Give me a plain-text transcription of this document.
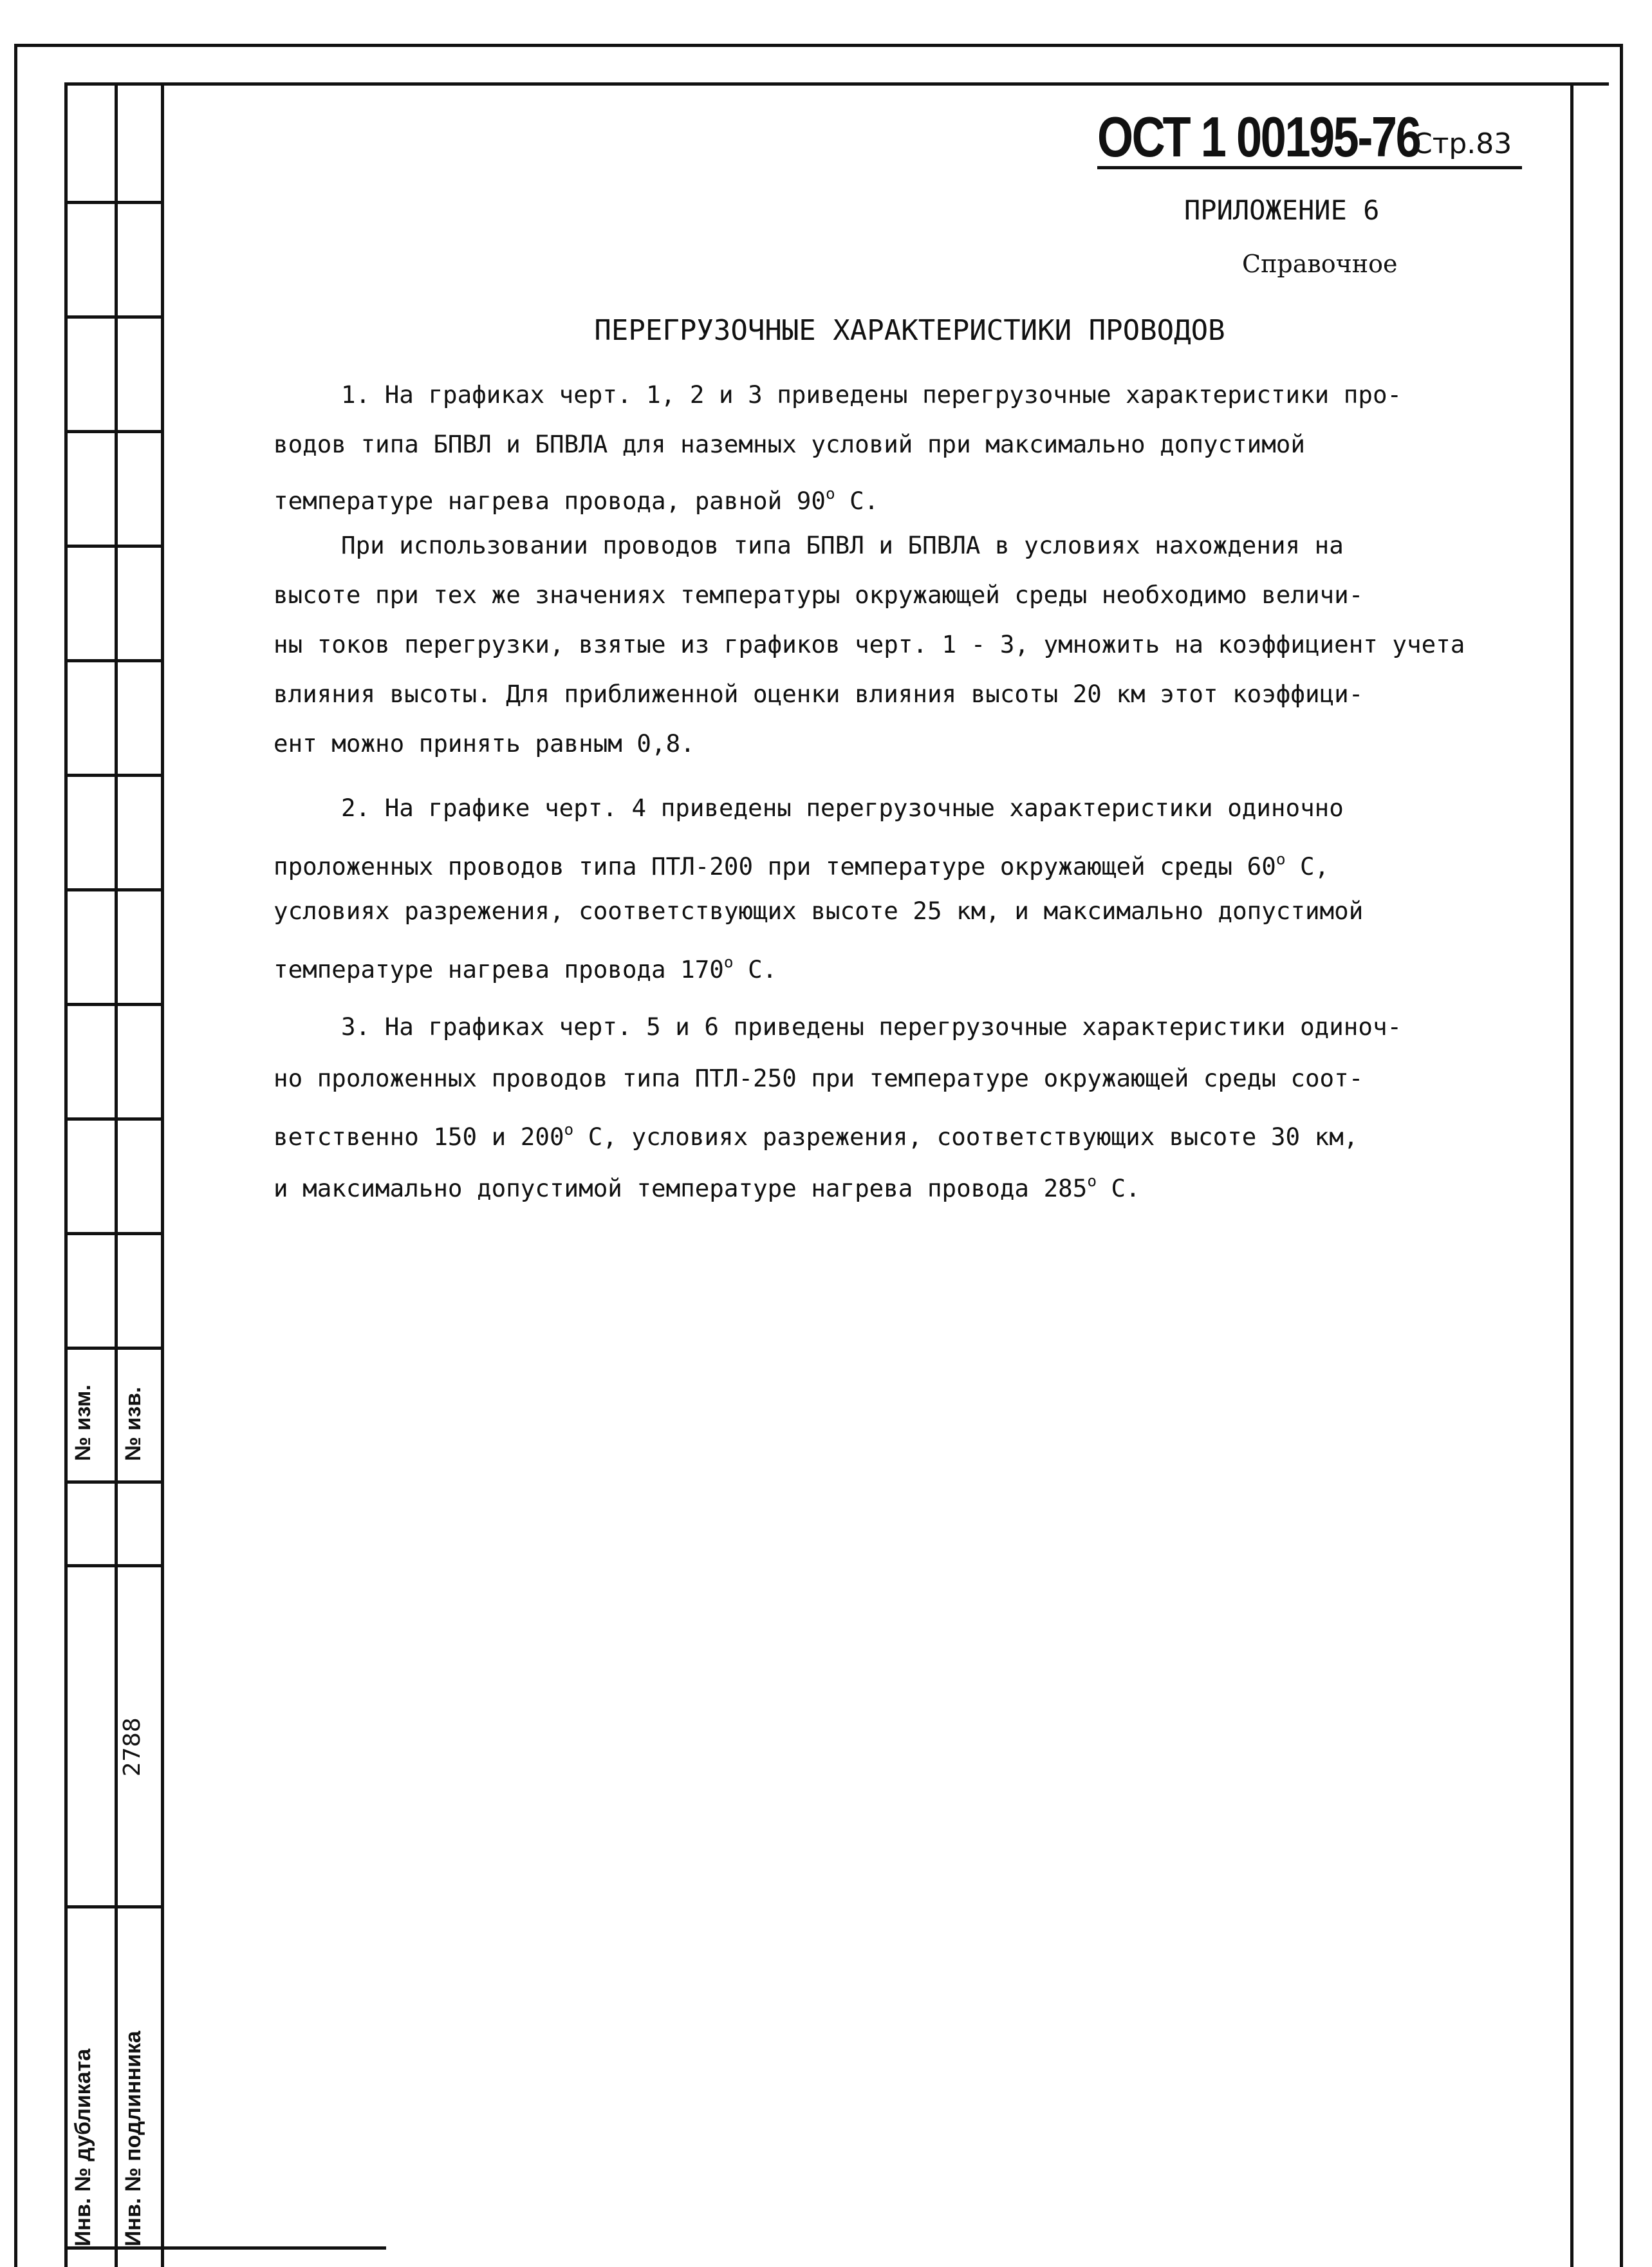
№ изм. № изв.
2788
Инв. № дубликата Инв. № подлинника
ОСТ 1 00195-76
Стр.83
ПРИЛОЖЕНИЕ 6
Справочное
ПЕРЕГРУЗОЧНЫЕ ХАРАКТЕРИСТИКИ ПРОВОДОВ
1. На графиках черт. 1, 2 и 3 приведены перегрузочные характеристики про-
водов типа БПВЛ и БПВЛА для наземных условий при максимально допустимой
температуре нагрева провода, равной 90$^o$ C.
При использовании проводов типа БПВЛ и БПВЛА в условиях нахождения на
высоте при тех же значениях температуры окружающей среды необходимо величи-
ны токов перегрузки, взятые из графиков черт. 1 - 3, умножить на коэффициент учета
влияния высоты. Для приближенной оценки влияния высоты 20 км этот коэффици-
ент можно принять равным 0,8.
2. На графике черт. 4 приведены перегрузочные характеристики одиночно
проложенных проводов типа ПТЛ-200 при температуре окружающей среды 60$^o$ C,
условиях разрежения, соответствующих высоте 25 км, и максимально допустимой
температуре нагрева провода 170$^o$ C.
3. На графиках черт. 5 и 6 приведены перегрузочные характеристики одиноч-
но проложенных проводов типа ПТЛ-250 при температуре окружающей среды соот-
ветственно 150 и 200$^o$ C, условиях разрежения, соответствующих высоте 30 км,
и максимально допустимой температуре нагрева провода 285$^o$ C.
